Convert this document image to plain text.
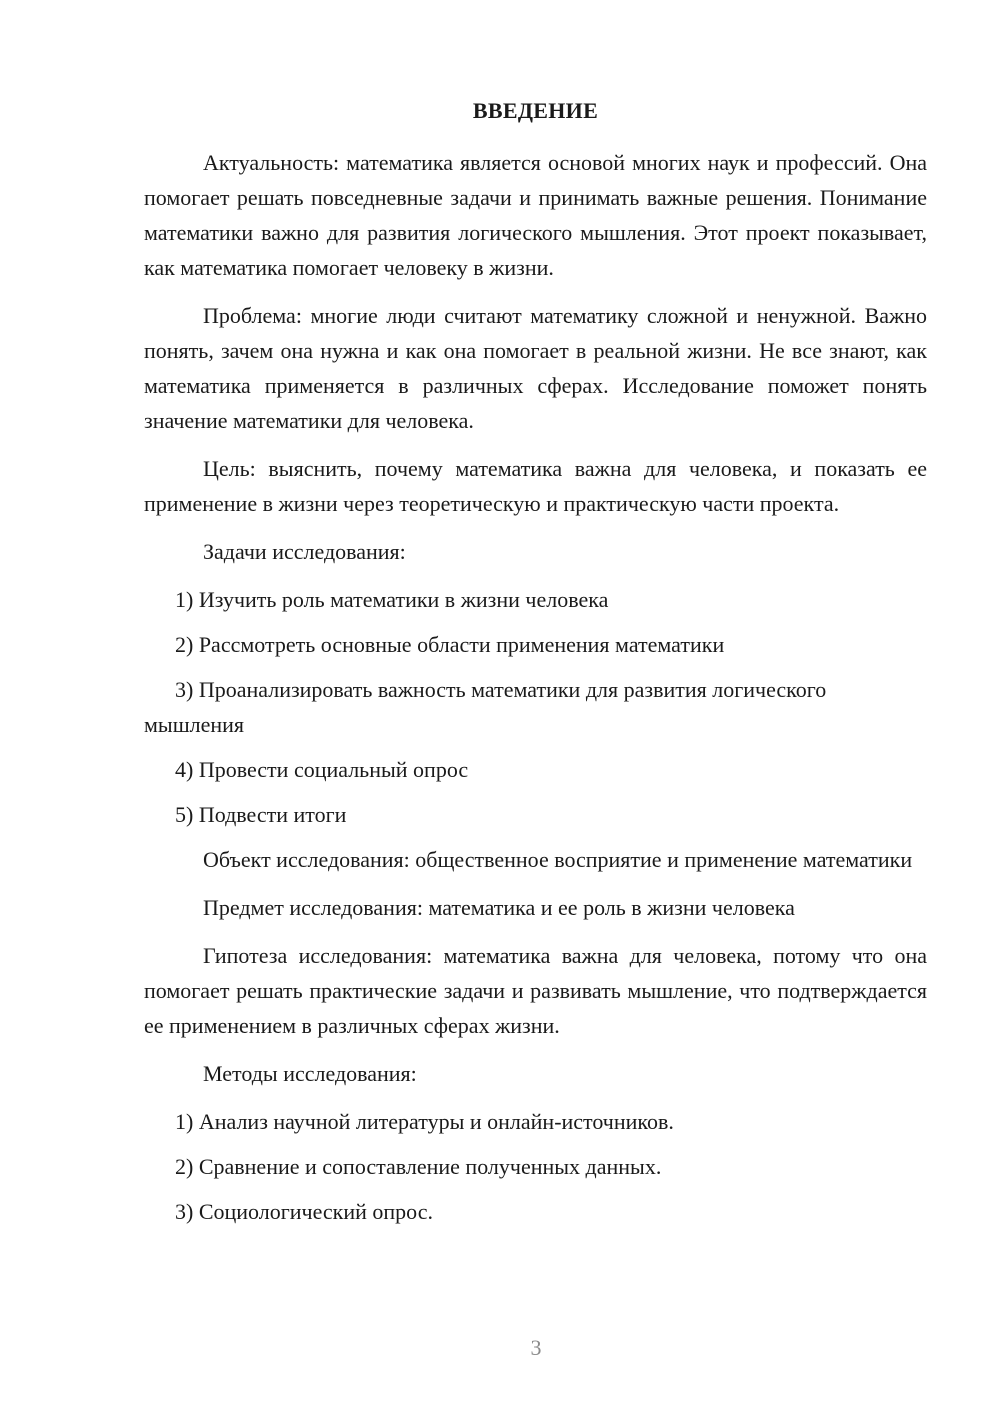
ВВЕДЕНИЕ
Актуальность: математика является основой многих наук и профессий. Она помогает решать повседневные задачи и принимать важные решения. Понимание математики важно для развития логического мышления. Этот проект показывает, как математика помогает человеку в жизни.
Проблема: многие люди считают математику сложной и ненужной. Важно понять, зачем она нужна и как она помогает в реальной жизни. Не все знают, как математика применяется в различных сферах. Исследование поможет понять значение математики для человека.
Цель: выяснить, почему математика важна для человека, и показать ее применение в жизни через теоретическую и практическую части проекта.
Задачи исследования:
1) Изучить роль математики в жизни человека
2) Рассмотреть основные области применения математики
3) Проанализировать важность математики для развития логического мышления
4) Провести социальный опрос
5) Подвести итоги
Объект исследования: общественное восприятие и применение математики
Предмет исследования: математика и ее роль в жизни человека
Гипотеза исследования: математика важна для человека, потому что она помогает решать практические задачи и развивать мышление, что подтверждается ее применением в различных сферах жизни.
Методы исследования:
1) Анализ научной литературы и онлайн-источников.
2) Сравнение и сопоставление полученных данных.
3) Социологический опрос.
3
